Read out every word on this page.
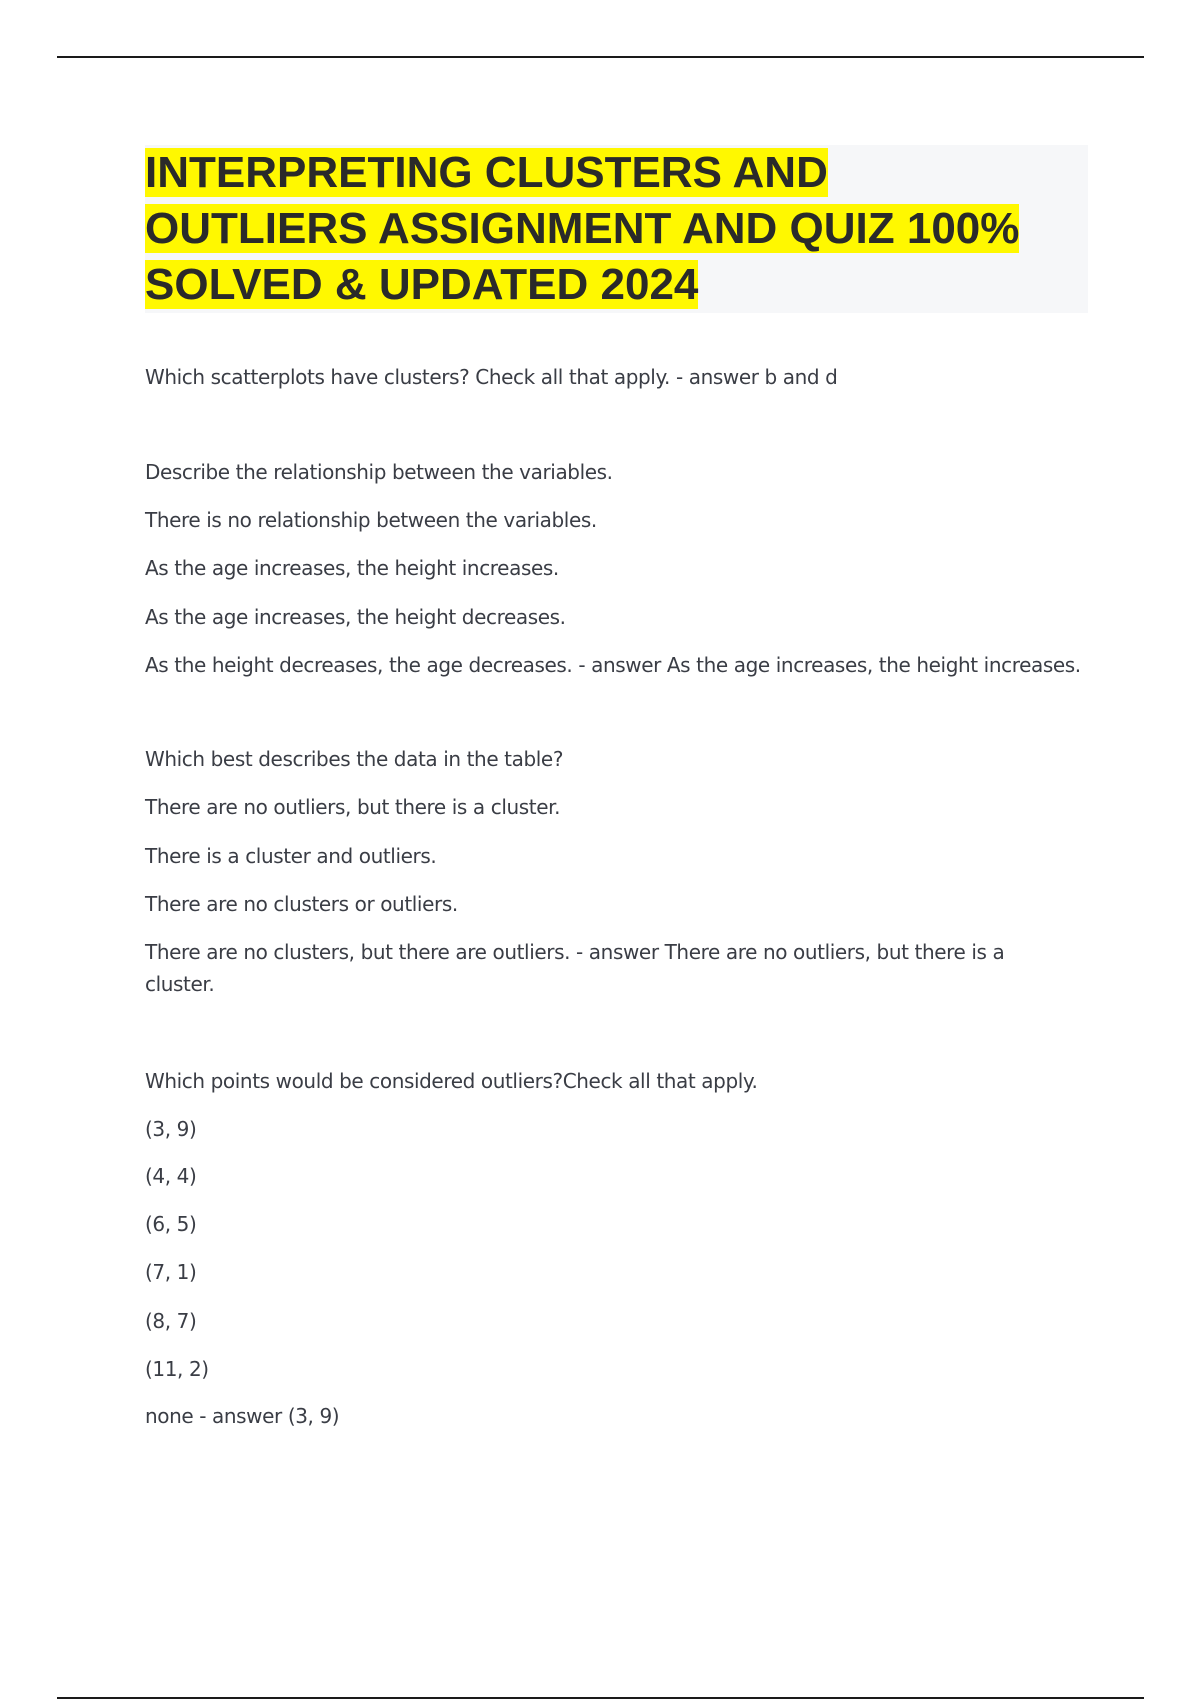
INTERPRETING CLUSTERS AND OUTLIERS ASSIGNMENT AND QUIZ 100% SOLVED & UPDATED 2024

Which scatterplots have clusters? Check all that apply. - answer b and d

Describe the relationship between the variables.

There is no relationship between the variables.

As the age increases, the height increases.

As the age increases, the height decreases.

As the height decreases, the age decreases. - answer As the age increases, the height increases.

Which best describes the data in the table?

There are no outliers, but there is a cluster.

There is a cluster and outliers.

There are no clusters or outliers.

There are no clusters, but there are outliers. - answer There are no outliers, but there is a cluster.

Which points would be considered outliers?Check all that apply.

(3, 9)

(4, 4)

(6, 5)

(7, 1)

(8, 7)

(11, 2)

none - answer (3, 9)
